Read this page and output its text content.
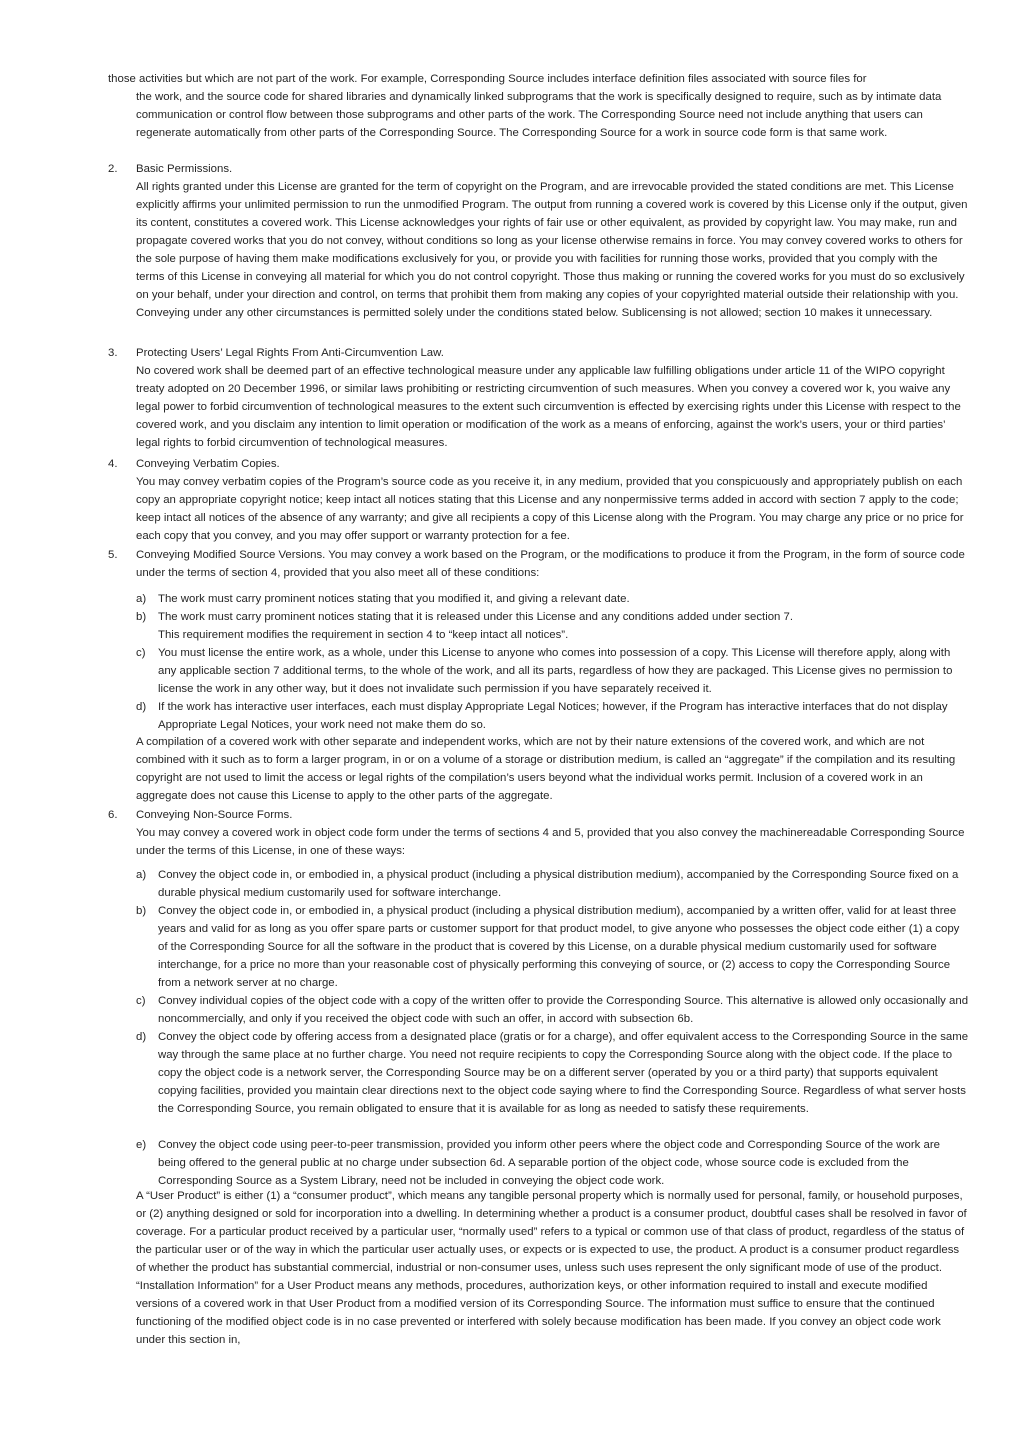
those activities but which are not part of the work. For example, Corresponding Source includes interface definition files associated with source files for

the work, and the source code for shared libraries and dynamically linked subprograms that the work is specifically designed to require, such as by intimate data communication or control flow between those subprograms and other parts of the work. The Corresponding Source need not include anything that users can regenerate automatically from other parts of the Corresponding Source. The Corresponding Source for a work in source code form is that same work.

2.	Basic Permissions.

All rights granted under this License are granted for the term of copyright on the Program, and are irrevocable provided the stated conditions are met. This License explicitly affirms your unlimited permission to run the unmodified Program. The output from running a covered work is covered by this License only if the output, given its content, constitutes a covered work. This License acknowledges your rights of fair use or other equivalent, as provided by copyright law. You may make, run and propagate covered works that you do not convey, without conditions so long as your license otherwise remains in force. You may convey covered works to others for the sole purpose of having them make modifications exclusively for you, or provide you with facilities for running those works, provided that you comply with the terms of this License in conveying all material for which you do not control copyright. Those thus making or running the covered works for you must do so exclusively on your behalf, under your direction and control, on terms that prohibit them from making any copies of your copyrighted material outside their relationship with you. Conveying under any other circumstances is permitted solely under the conditions stated below. Sublicensing is not allowed; section 10 makes it unnecessary.

3.	Protecting Users’ Legal Rights From Anti-Circumvention Law.

No covered work shall be deemed part of an effective technological measure under any applicable law fulfilling obligations under article 11 of the WIPO copyright treaty adopted on 20 December 1996, or similar laws prohibiting or restricting circumvention of such measures. When you convey a covered wor k, you waive any legal power to forbid circumvention of technological measures to the extent such circumvention is effected by exercising rights under this License with respect to the covered work, and you disclaim any intention to limit operation or modification of the work as a means of enforcing, against the work’s users, your or third parties’ legal rights to forbid circumvention of technological measures.

4.	Conveying Verbatim Copies.

You may convey verbatim copies of the Program’s source code as you receive it, in any medium, provided that you conspicuously and appropriately publish on each copy an appropriate copyright notice; keep intact all notices stating that this License and any nonpermissive terms added in accord with section 7 apply to the code; keep intact all notices of the absence of any warranty; and give all recipients a copy of this License along with the Program. You may charge any price or no price for each copy that you convey, and you may offer support or warranty protection for a fee.

5.	Conveying Modified Source Versions. You may convey a work based on the Program, or the modifications to produce it from the Program, in the form of source code under the terms of section 4, provided that you also meet all of these conditions:

a)	The work must carry prominent notices stating that you modified it, and giving a relevant date.

b)	The work must carry prominent notices stating that it is released under this License and any conditions added under section 7.

This requirement modifies the requirement in section 4 to “keep intact all notices”.

c)	You must license the entire work, as a whole, under this License to anyone who comes into possession of a copy. This License will therefore apply, along with any applicable section 7 additional terms, to the whole of the work, and all its parts, regardless of how they are packaged. This License gives no permission to license the work in any other way, but it does not invalidate such permission if you have separately received it.

d)	If the work has interactive user interfaces, each must display Appropriate Legal Notices; however, if the Program has interactive interfaces that do not display Appropriate Legal Notices, your work need not make them do so.

A compilation of a covered work with other separate and independent works, which are not by their nature extensions of the covered work, and which are not combined with it such as to form a larger program, in or on a volume of a storage or distribution medium, is called an “aggregate” if the compilation and its resulting copyright are not used to limit the access or legal rights of the compilation’s users beyond what the individual works permit. Inclusion of a covered work in an aggregate does not cause this License to apply to the other parts of the aggregate.

6.	Conveying Non-Source Forms.

You may convey a covered work in object code form under the terms of sections 4 and 5, provided that you also convey the machinereadable Corresponding Source under the terms of this License, in one of these ways:

a)	Convey the object code in, or embodied in, a physical product (including a physical distribution medium), accompanied by the Corresponding Source fixed on a durable physical medium customarily used for software interchange.

b)	Convey the object code in, or embodied in, a physical product (including a physical distribution medium), accompanied by a written offer, valid for at least three years and valid for as long as you offer spare parts or customer support for that product model, to give anyone who possesses the object code either (1) a copy of the Corresponding Source for all the software in the product that is covered by this License, on a durable physical medium customarily used for software interchange, for a price no more than your reasonable cost of physically performing this conveying of source, or (2) access to copy the Corresponding Source from a network server at no charge.

c)	Convey individual copies of the object code with a copy of the written offer to provide the Corresponding Source. This alternative is allowed only occasionally and noncommercially, and only if you received the object code with such an offer, in accord with subsection 6b.

d)	Convey the object code by offering access from a designated place (gratis or for a charge), and offer equivalent access to the Corresponding Source in the same way through the same place at no further charge. You need not require recipients to copy the Corresponding Source along with the object code. If the place to copy the object code is a network server, the Corresponding Source may be on a different server (operated by you or a third party) that supports equivalent copying facilities, provided you maintain clear directions next to the object code saying where to find the Corresponding Source. Regardless of what server hosts the Corresponding Source, you remain obligated to ensure that it is available for as long as needed to satisfy these requirements.

e)	Convey the object code using peer-to-peer transmission, provided you inform other peers where the object code and Corresponding Source of the work are being offered to the general public at no charge under subsection 6d. A separable portion of the object code, whose source code is excluded from the Corresponding Source as a System Library, need not be included in conveying the object code work.

A “User Product” is either (1) a “consumer product”, which means any tangible personal property which is normally used for personal, family, or household purposes, or (2) anything designed or sold for incorporation into a dwelling. In determining whether a product is a consumer product, doubtful cases shall be resolved in favor of coverage. For a particular product received by a particular user, “normally used” refers to a typical or common use of that class of product, regardless of the status of the particular user or of the way in which the particular user actually uses, or expects or is expected to use, the product. A product is a consumer product regardless of whether the product has substantial commercial, industrial or non-consumer uses, unless such uses represent the only significant mode of use of the product. “Installation Information” for a User Product means any methods, procedures, authorization keys, or other information required to install and execute modified versions of a covered work in that User Product from a modified version of its Corresponding Source. The information must suffice to ensure that the continued functioning of the modified object code is in no case prevented or interfered with solely because modification has been made. If you convey an object code work under this section in,
